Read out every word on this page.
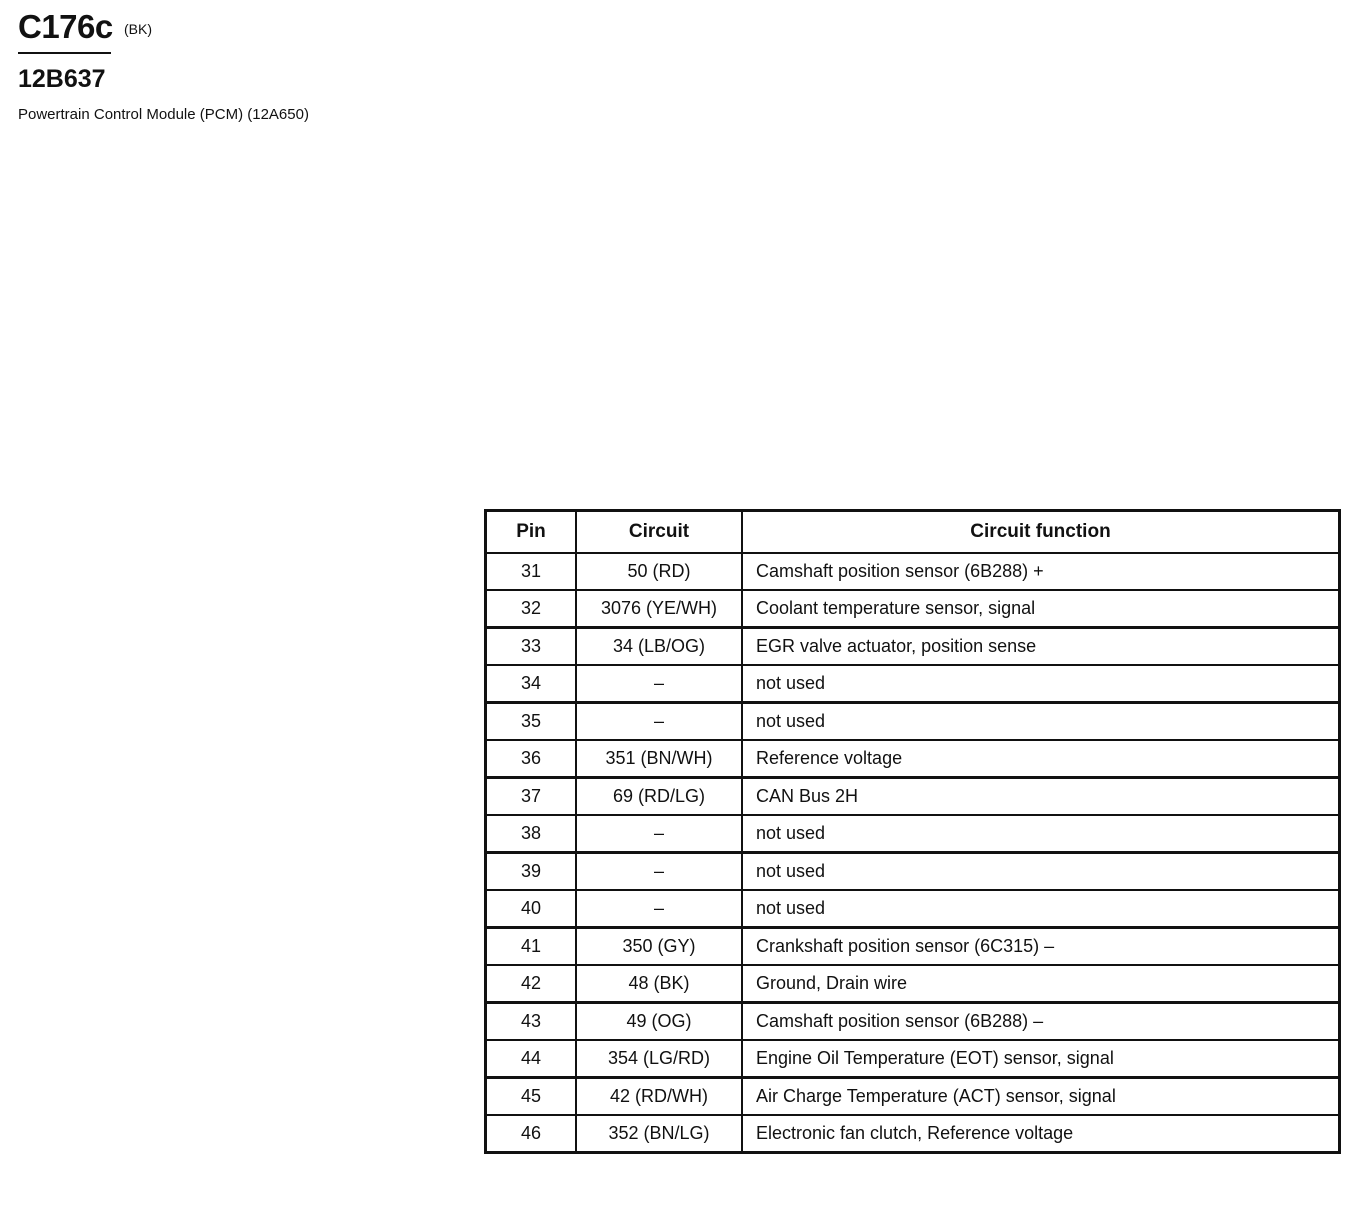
C176c (BK)
12B637
Powertrain Control Module (PCM) (12A650)
Pin	Circuit	Circuit function
31	50 (RD)	Camshaft position sensor (6B288) +
32	3076 (YE/WH)	Coolant temperature sensor, signal
33	34 (LB/OG)	EGR valve actuator, position sense
34	–	not used
35	–	not used
36	351 (BN/WH)	Reference voltage
37	69 (RD/LG)	CAN Bus 2H
38	–	not used
39	–	not used
40	–	not used
41	350 (GY)	Crankshaft position sensor (6C315) –
42	48 (BK)	Ground, Drain wire
43	49 (OG)	Camshaft position sensor (6B288) –
44	354 (LG/RD)	Engine Oil Temperature (EOT) sensor, signal
45	42 (RD/WH)	Air Charge Temperature (ACT) sensor, signal
46	352 (BN/LG)	Electronic fan clutch, Reference voltage
